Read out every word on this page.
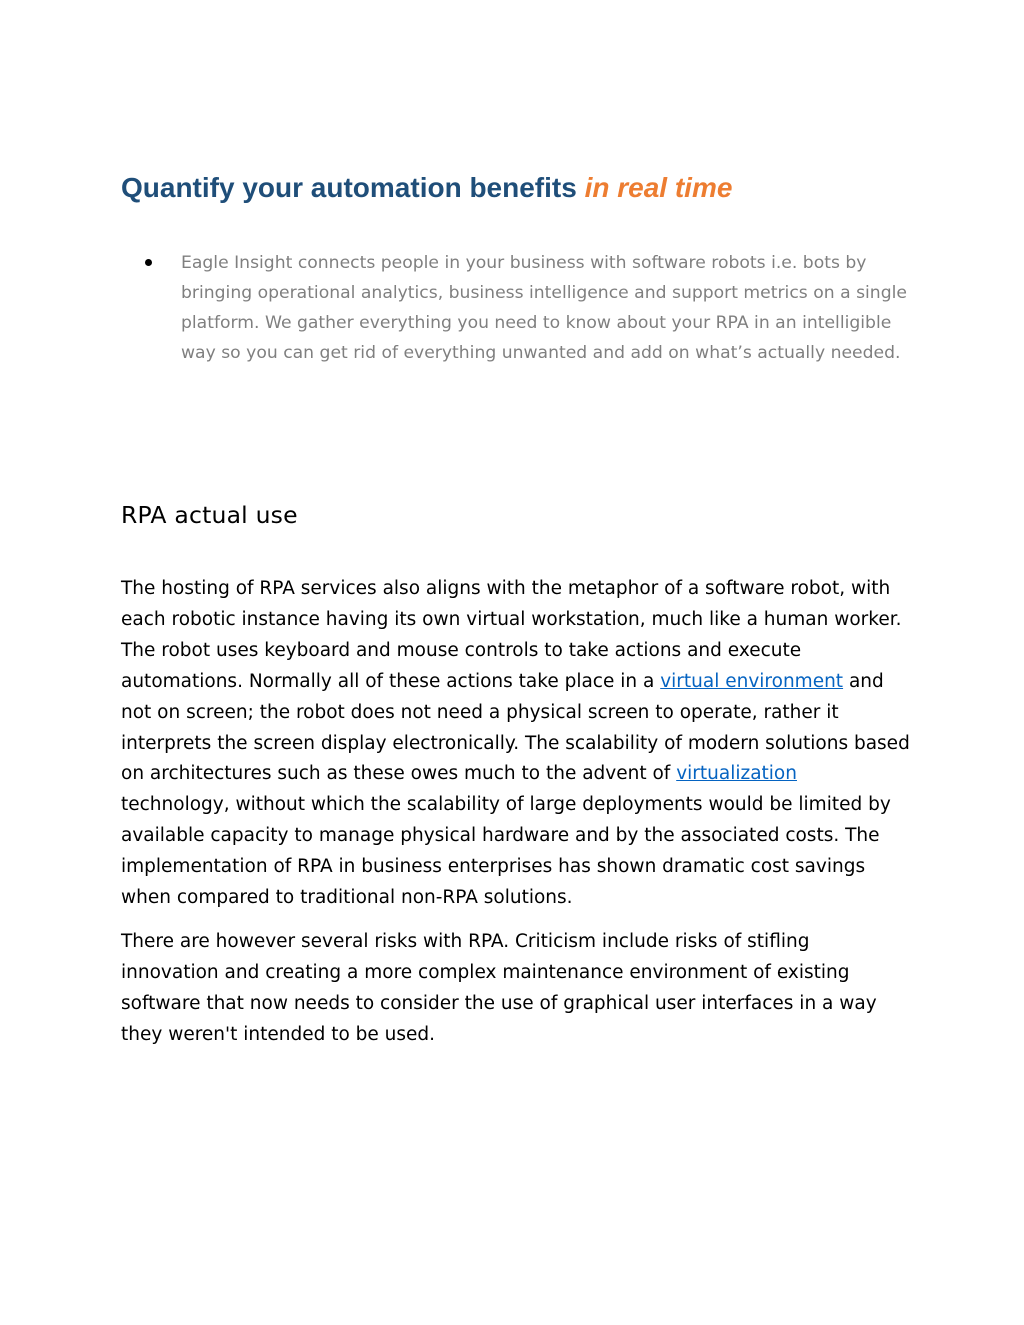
Quantify your automation benefits in real time
Eagle Insight connects people in your business with software robots i.e. bots by bringing operational analytics, business intelligence and support metrics on a single platform. We gather everything you need to know about your RPA in an intelligible way so you can get rid of everything unwanted and add on what’s actually needed.
RPA actual use

The hosting of RPA services also aligns with the metaphor of a software robot, with each robotic instance having its own virtual workstation, much like a human worker. The robot uses keyboard and mouse controls to take actions and execute automations. Normally all of these actions take place in a virtual environment and not on screen; the robot does not need a physical screen to operate, rather it interprets the screen display electronically. The scalability of modern solutions based on architectures such as these owes much to the advent of virtualization technology, without which the scalability of large deployments would be limited by available capacity to manage physical hardware and by the associated costs. The implementation of RPA in business enterprises has shown dramatic cost savings when compared to traditional non-RPA solutions.

There are however several risks with RPA. Criticism include risks of stifling innovation and creating a more complex maintenance environment of existing software that now needs to consider the use of graphical user interfaces in a way they weren't intended to be used.
